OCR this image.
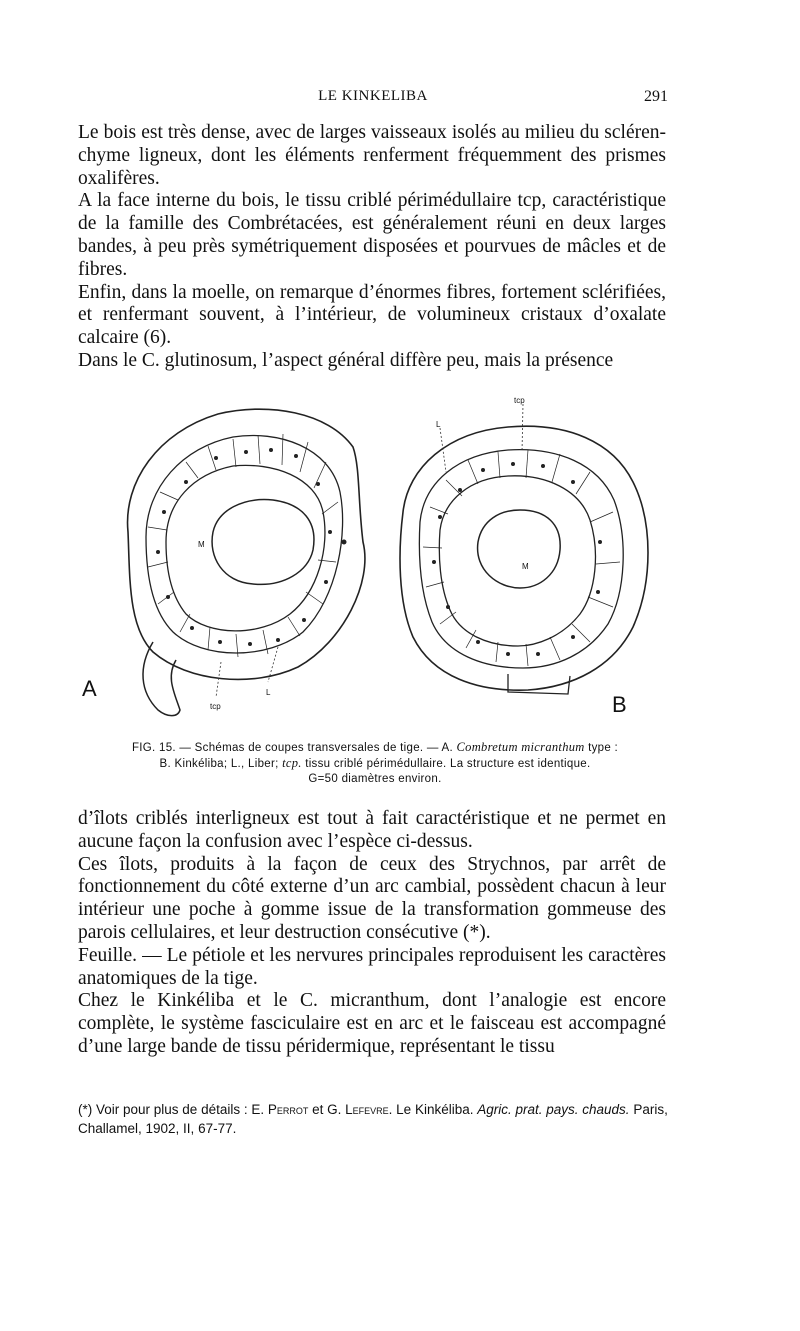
LE KINKELIBA	291

Le bois est très dense, avec de larges vaisseaux isolés au milieu du sclérenchyme ligneux, dont les éléments renferment fréquemment des prismes oxalifères.

A la face interne du bois, le tissu criblé périmédullaire tcp, caractéristique de la famille des Combrétacées, est généralement réuni en deux larges bandes, à peu près symétriquement disposées et pourvues de mâcles et de fibres.

Enfin, dans la moelle, on remarque d’énormes fibres, fortement sclérifiées, et renfermant souvent, à l’intérieur, de volumineux cristaux d’oxalate calcaire (6).

Dans le C. glutinosum, l’aspect général diffère peu, mais la présence

A
B
M
M
L
L
tcp
tcp
FIG. 15. — Schémas de coupes transversales de tige. — A. Combretum micranthum type :
B. Kinkéliba; L., Liber; tcp. tissu criblé périmédullaire. La structure est identique.
G=50 diamètres environ.

d’îlots criblés interligneux est tout à fait caractéristique et ne permet en aucune façon la confusion avec l’espèce ci-dessus.

Ces îlots, produits à la façon de ceux des Strychnos, par arrêt de fonctionnement du côté externe d’un arc cambial, possèdent chacun à leur intérieur une poche à gomme issue de la transformation gommeuse des parois cellulaires, et leur destruction consécutive (*).

Feuille. — Le pétiole et les nervures principales reproduisent les caractères anatomiques de la tige.

Chez le Kinkéliba et le C. micranthum, dont l’analogie est encore complète, le système fasciculaire est en arc et le faisceau est accompagné d’une large bande de tissu péridermique, représentant le tissu

(*) Voir pour plus de détails : E. Perrot et G. Lefevre. Le Kinkéliba. Agric. prat. pays. chauds. Paris, Challamel, 1902, II, 67-77.
